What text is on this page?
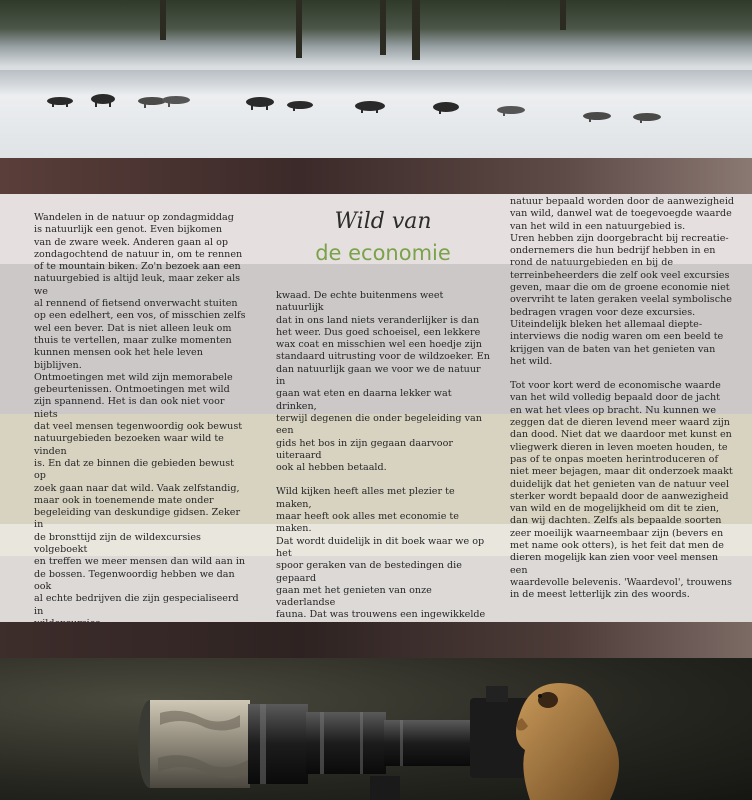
Wandelen in de natuur op zondagmiddag
is natuurlijk een genot. Even bijkomen
van de zware week. Anderen gaan al op
zondagochtend de natuur in, om te rennen
of te mountain biken. Zo'n bezoek aan een
natuurgebied is altijd leuk, maar zeker als we
al rennend of fietsend onverwacht stuiten
op een edelhert, een vos, of misschien zelfs
wel een bever. Dat is niet alleen leuk om
thuis te vertellen, maar zulke momenten
kunnen mensen ook het hele leven bijblijven.
Ontmoetingen met wild zijn memorabele
gebeurtenissen. Ontmoetingen met wild
zijn spannend. Het is dan ook niet voor niets
dat veel mensen tegenwoordig ook bewust
natuurgebieden bezoeken waar wild te vinden
is. En dat ze binnen die gebieden bewust op
zoek gaan naar dat wild. Vaak zelfstandig,
maar ook in toenemende mate onder
begeleiding van deskundige gidsen. Zeker in
de bronsttijd zijn de wildexcursies volgeboekt
en treffen we meer mensen dan wild aan in
de bossen. Tegenwoordig hebben we dan ook
al echte bedrijven die zijn gespecialiseerd in

Wild van
de economie

kwaad. De echte buitenmens weet natuurlijk
dat in ons land niets veranderlijker is dan
het weer. Dus goed schoeisel, een lekkere
wax coat en misschien wel een hoedje zijn
standaard uitrusting voor de wildzoeker. En
dan natuurlijk gaan we voor we de natuur in
gaan wat eten en daarna lekker wat drinken,
terwijl degenen die onder begeleiding van een
gids het bos in zijn gegaan daarvoor uiteraard
ook al hebben betaald.

Wild kijken heeft alles met plezier te maken,
maar heeft ook alles met economie te maken.
Dat wordt duidelijk in dit boek waar we op het
spoor geraken van de bestedingen die gepaard
gaan met het genieten van onze vaderlandse
fauna. Dat was trouwens een ingewikkelde

natuur bepaald worden door de aanwezigheid
van wild, danwel wat de toegevoegde waarde
van het wild in een natuurgebied is.
Uren hebben zijn doorgebracht bij recreatie-
ondernemers die hun bedrijf hebben in en
rond de natuurgebieden en bij de
terreinbeheerders die zelf ook veel excursies
geven, maar die om de groene economie niet
overvriht te laten geraken veelal symbolische
bedragen vragen voor deze excursies.
Uiteindelijk bleken het allemaal diepte-
interviews die nodig waren om een beeld te
krijgen van de baten van het genieten van
het wild.

Tot voor kort werd de economische waarde
van het wild volledig bepaald door de jacht
en wat het vlees op bracht. Nu kunnen we
zeggen dat de dieren levend meer waard zijn
dan dood. Niet dat we daardoor met kunst en
vliegwerk dieren in leven moeten houden, te
pas of te onpas moeten herintroduceren of
niet meer bejagen, maar dit onderzoek maakt
duidelijk dat het genieten van de natuur veel
sterker wordt bepaald door de aanwezigheid
van wild en de mogelijkheid om dit te zien,
dan wij dachten. Zelfs als bepaalde soorten
zeer moeilijk waarneembaar zijn (bevers en
met name ook otters), is het feit dat men de
dieren mogelijk kan zien voor veel mensen een
waardevolle belevenis. 'Waardevol', trouwens
in de meest letterlijk zin des woords.
